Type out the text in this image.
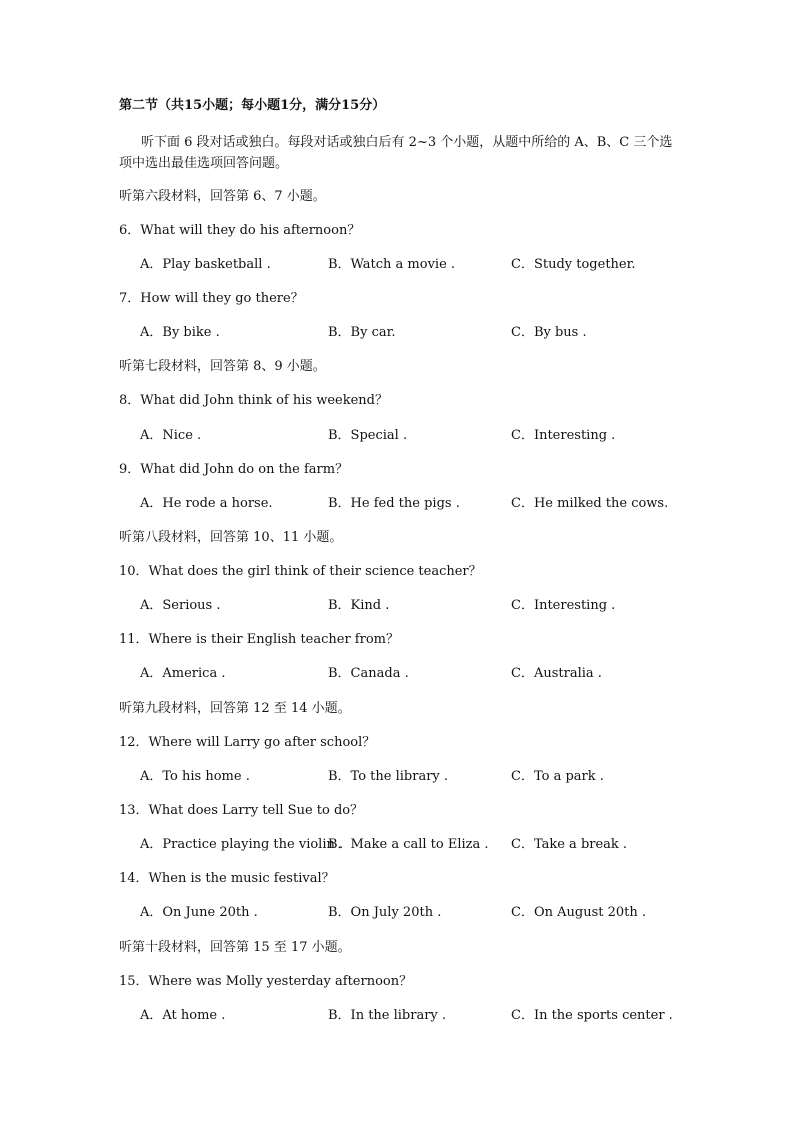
第二节（共15小题；每小题1分，满分15分）
听下面 6 段对话或独白。每段对话或独白后有 2~3 个小题，从题中所给的 A、B、C 三个选项中选出最佳选项回答问题。
听第六段材料，回答第 6、7 小题。
6．What will they do his afternoon？
A．Play basketball .	B．Watch a movie .	C．Study together.
7．How will they go there？
A．By bike .	B．By car.	C．By bus .
听第七段材料，回答第 8、9 小题。
8．What did John think of his weekend？
A．Nice .	B．Special .	C．Interesting .
9．What did John do on the farm？
A．He rode a horse.	B．He fed the pigs .	C．He milked the cows.
听第八段材料，回答第 10、11 小题。
10．What does the girl think of their science teacher？
A．Serious .	B．Kind .	C．Interesting .
11．Where is their English teacher from？
A．America .	B．Canada .	C．Australia .
听第九段材料，回答第 12 至 14 小题。
12．Where will Larry go after school？
A．To his home .	B．To the library .	C．To a park .
13．What does Larry tell Sue to do？
A．Practice playing the violin .
B．Make a call to Eliza . C．Take a break .
14．When is the music festival？
A．On June 20th .	B．On July 20th .	C．On August 20th .
听第十段材料，回答第 15 至 17 小题。
15．Where was Molly yesterday afternoon？
A．At home .	B．In the library .	C．In the sports center .
